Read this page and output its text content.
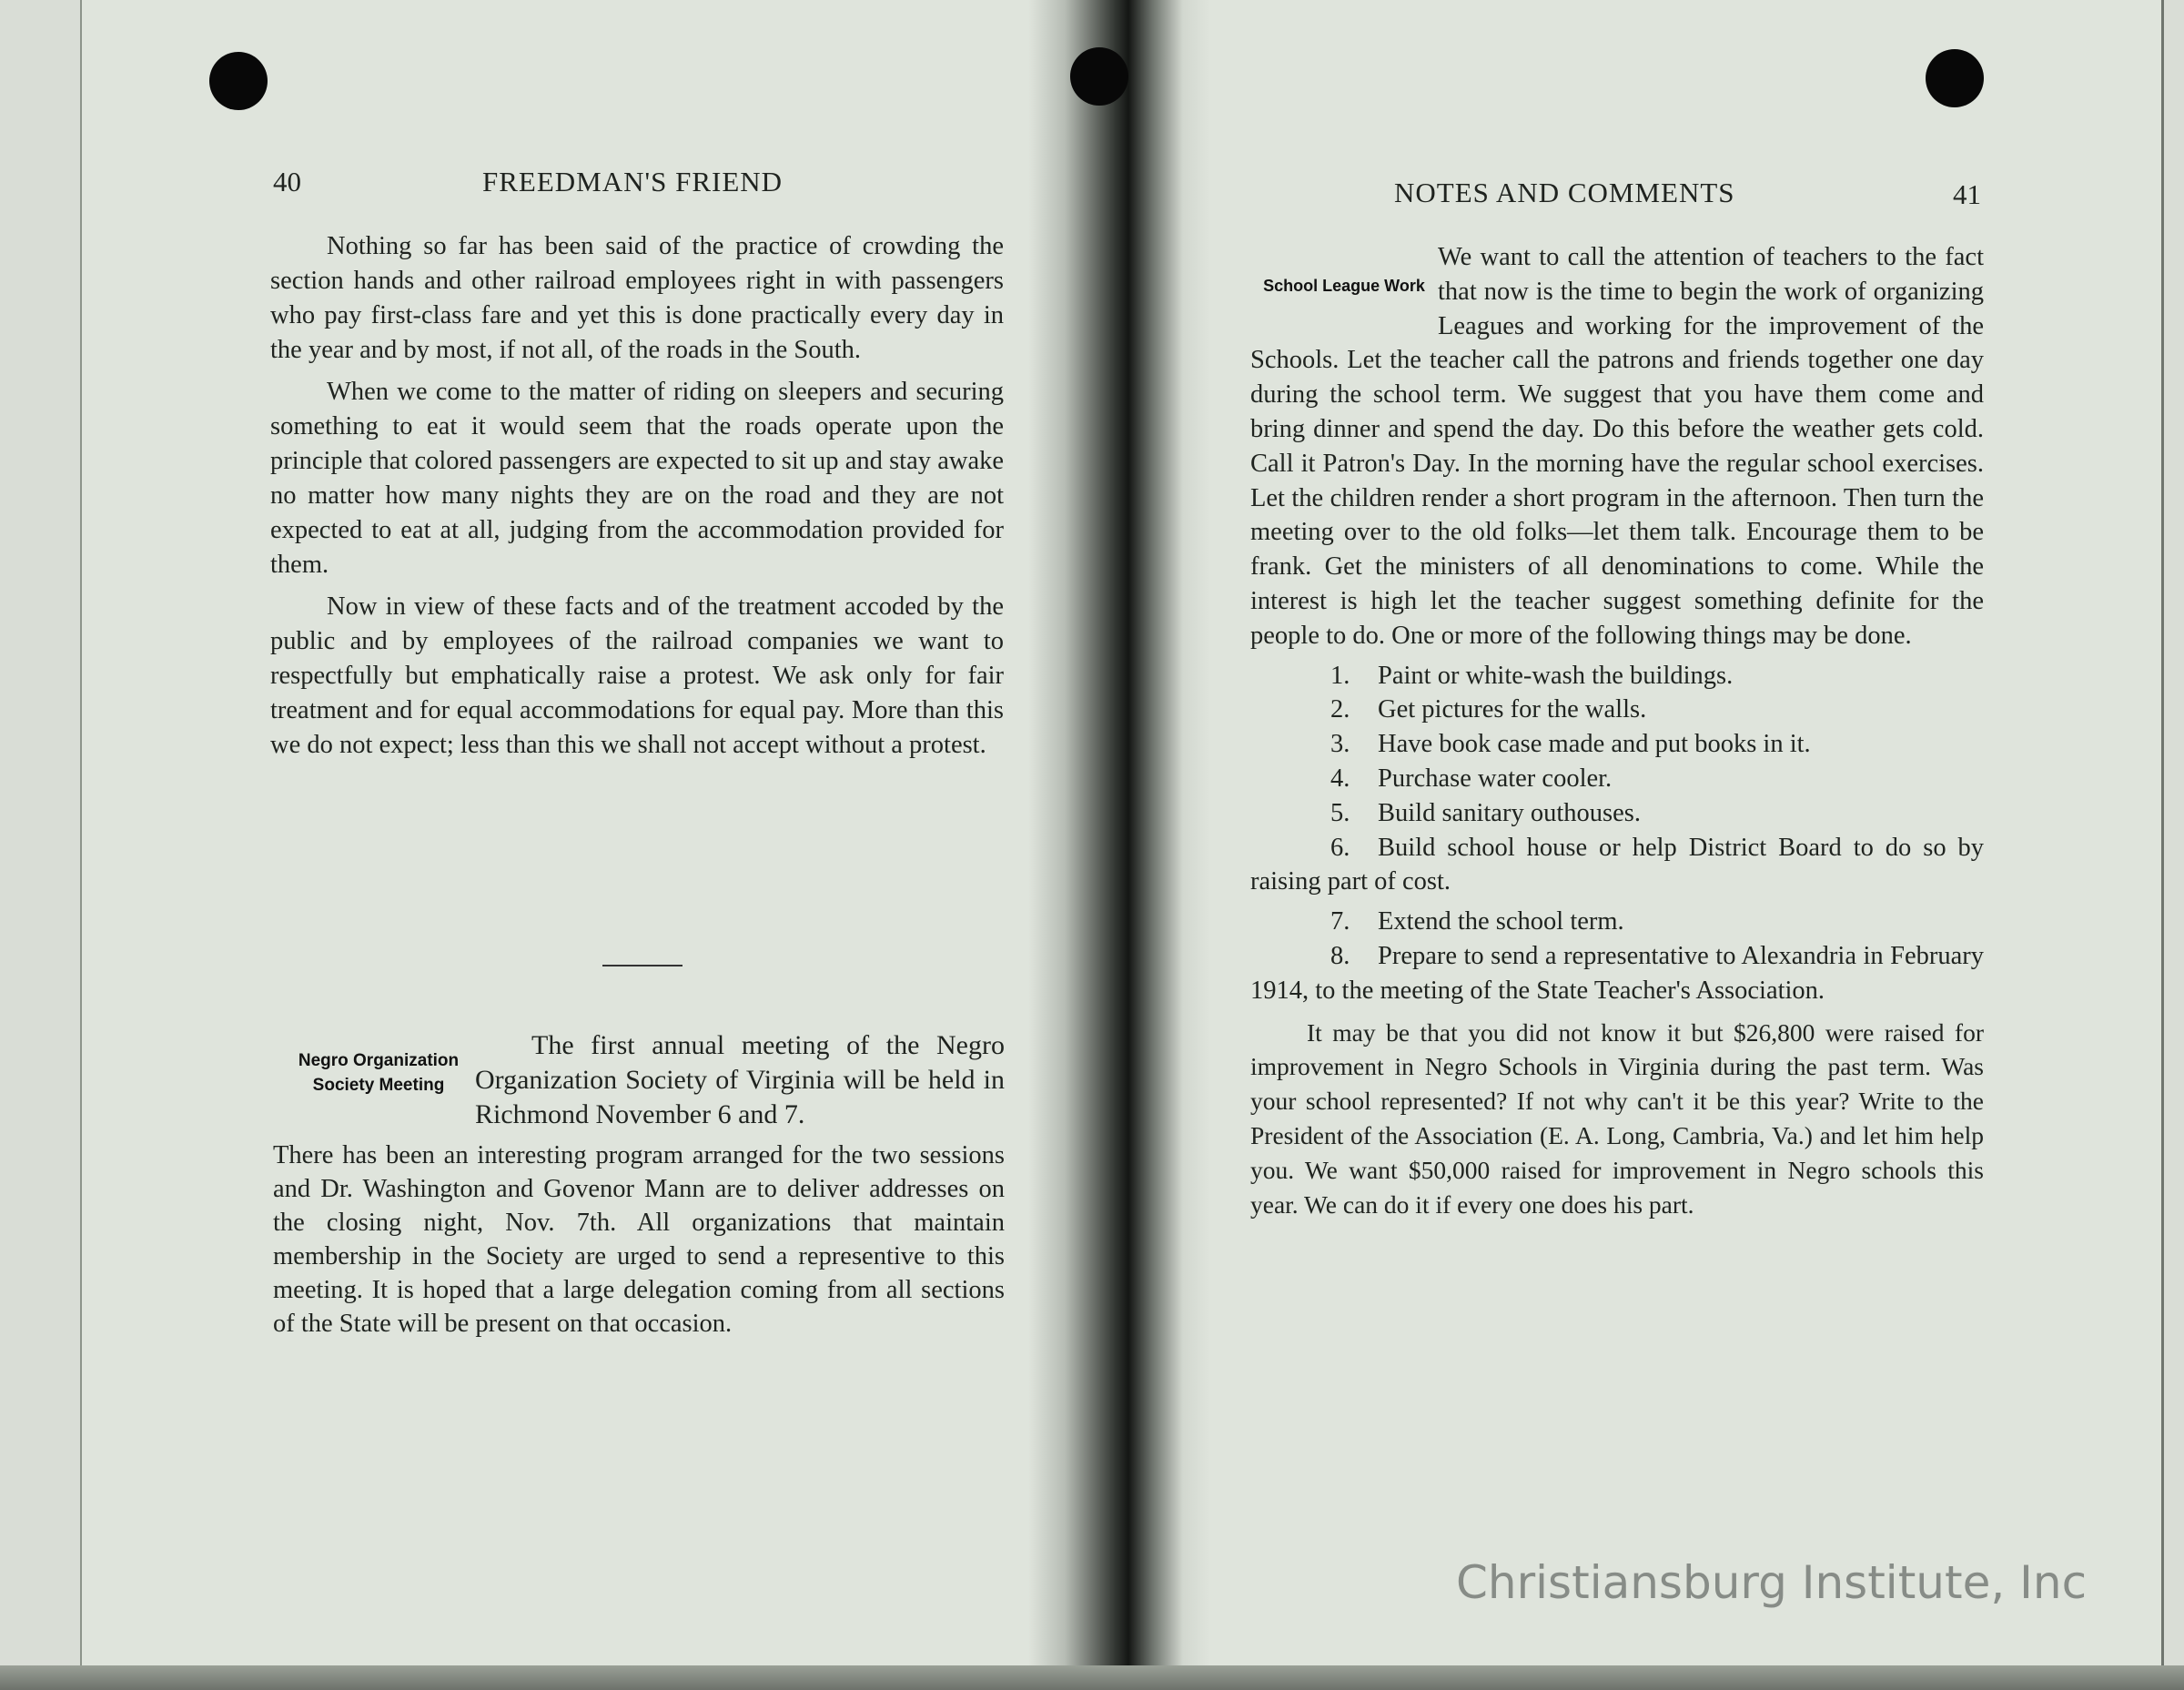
40	FREEDMAN'S FRIEND

Nothing so far has been said of the practice of crowding the section hands and other railroad employees right in with passengers who pay first-class fare and yet this is done practically every day in the year and by most, if not all, of the roads in the South.

When we come to the matter of riding on sleepers and securing something to eat it would seem that the roads operate upon the principle that colored passengers are expected to sit up and stay awake no matter how many nights they are on the road and they are not expected to eat at all, judging from the accommodation provided for them.

Now in view of these facts and of the treatment accoded by the public and by employees of the railroad companies we want to respectfully but emphatically raise a protest. We ask only for fair treatment and for equal accommodations for equal pay. More than this we do not expect; less than this we shall not accept without a protest.

Negro Organization
Society Meeting

The first annual meeting of the Negro Organization Society of Virginia will be held in Richmond November 6 and 7.

There has been an interesting program arranged for the two sessions and Dr. Washington and Govenor Mann are to deliver addresses on the closing night, Nov. 7th. All organizations that maintain membership in the Society are urged to send a representive to this meeting. It is hoped that a large delegation coming from all sections of the State will be present on that occasion.

NOTES AND COMMENTS	41
School League Work

We want to call the attention of teachers to the fact that now is the time to begin the work of organizing Leagues and working for the improvement of the Schools. Let the teacher call the patrons and friends together one day during the school term. We suggest that you have them come and bring dinner and spend the day. Do this before the weather gets cold. Call it Patron's Day. In the morning have the regular school exercises. Let the children render a short program in the afternoon. Then turn the meeting over to the old folks—let them talk. Encourage them to be frank. Get the ministers of all denominations to come. While the interest is high let the teacher suggest something definite for the people to do. One or more of the following things may be done.

1. Paint or white-wash the buildings.
2. Get pictures for the walls.
3. Have book case made and put books in it.
4. Purchase water cooler.
5. Build sanitary outhouses.
6. Build school house or help District Board to do so by raising part of cost.
7. Extend the school term.
8. Prepare to send a representative to Alexandria in February 1914, to the meeting of the State Teacher's Association.

It may be that you did not know it but $26,800 were raised for improvement in Negro Schools in Virginia during the past term. Was your school represented? If not why can't it be this year? Write to the President of the Association (E. A. Long, Cambria, Va.) and let him help you. We want $50,000 raised for improvement in Negro schools this year. We can do it if every one does his part.

Christiansburg Institute, Inc
